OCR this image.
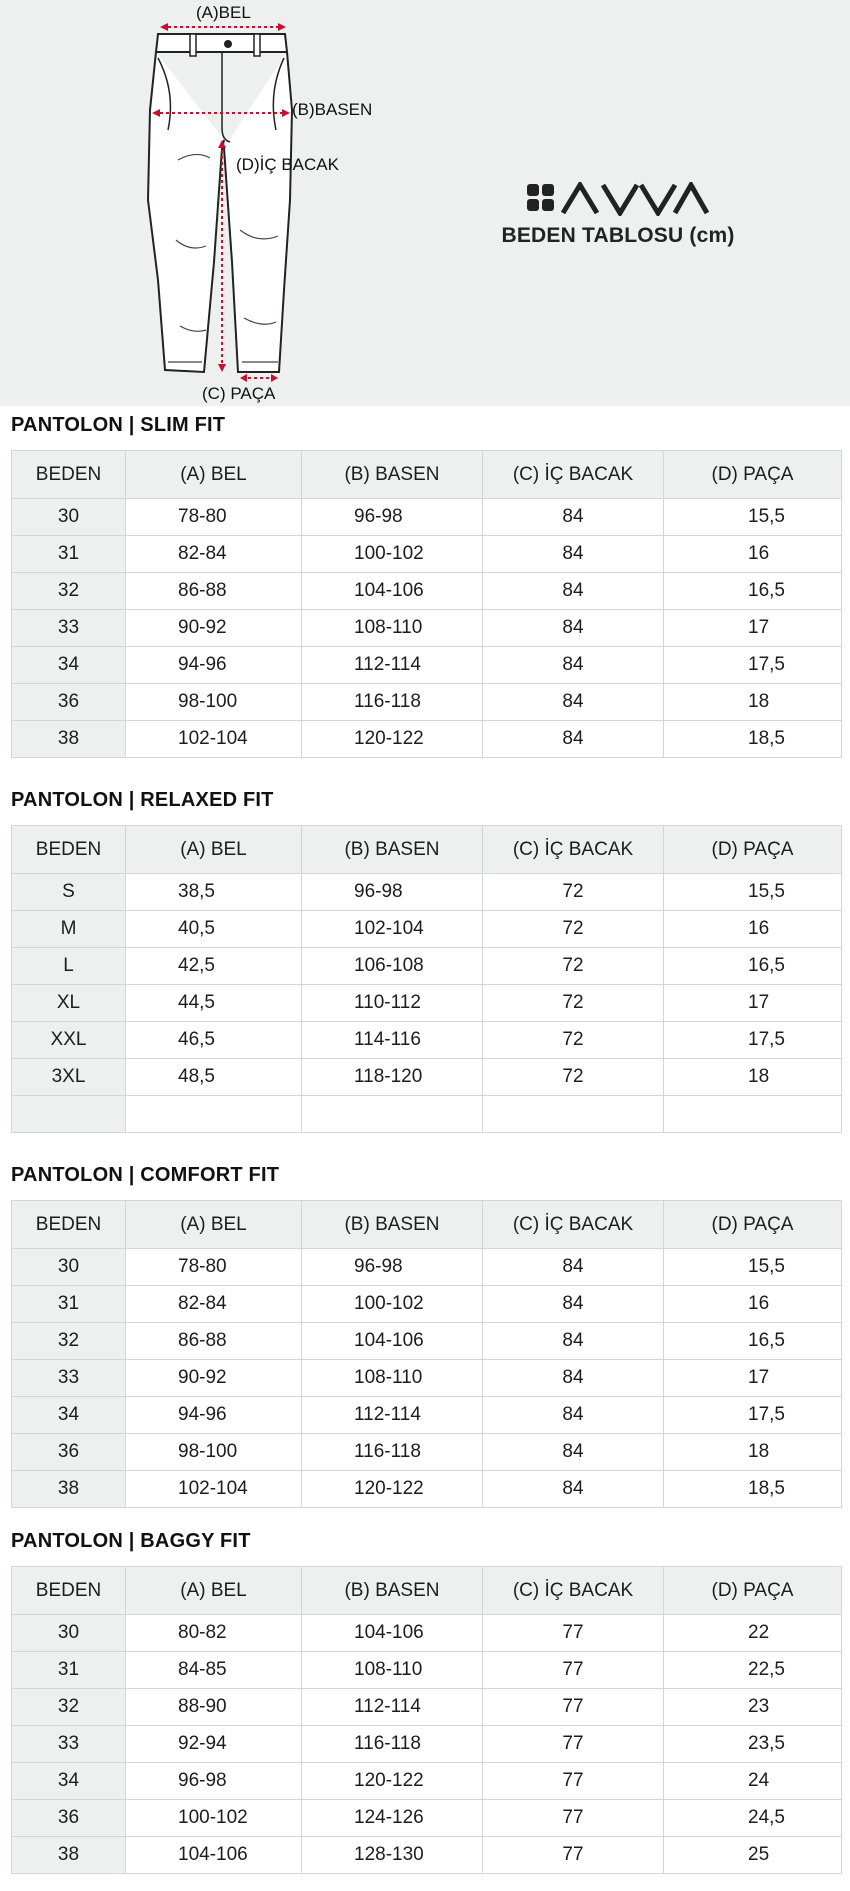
(A)BEL
(B)BASEN
(D)İÇ BACAK
(C) PAÇA
BEDEN TABLOSU (cm)
PANTOLON | SLIM FIT
BEDEN	(A) BEL	(B) BASEN	(C) İÇ BACAK	(D) PAÇA
30	78-80	96-98	84	15,5
31	82-84	100-102	84	16
32	86-88	104-106	84	16,5
33	90-92	108-110	84	17
34	94-96	112-114	84	17,5
36	98-100	116-118	84	18
38	102-104	120-122	84	18,5
PANTOLON | RELAXED FIT
BEDEN	(A) BEL	(B) BASEN	(C) İÇ BACAK	(D) PAÇA
S	38,5	96-98	72	15,5
M	40,5	102-104	72	16
L	42,5	106-108	72	16,5
XL	44,5	110-112	72	17
XXL	46,5	114-116	72	17,5
3XL	48,5	118-120	72	18

PANTOLON | COMFORT FIT
BEDEN	(A) BEL	(B) BASEN	(C) İÇ BACAK	(D) PAÇA
30	78-80	96-98	84	15,5
31	82-84	100-102	84	16
32	86-88	104-106	84	16,5
33	90-92	108-110	84	17
34	94-96	112-114	84	17,5
36	98-100	116-118	84	18
38	102-104	120-122	84	18,5
PANTOLON | BAGGY FIT
BEDEN	(A) BEL	(B) BASEN	(C) İÇ BACAK	(D) PAÇA
30	80-82	104-106	77	22
31	84-85	108-110	77	22,5
32	88-90	112-114	77	23
33	92-94	116-118	77	23,5
34	96-98	120-122	77	24
36	100-102	124-126	77	24,5
38	104-106	128-130	77	25
